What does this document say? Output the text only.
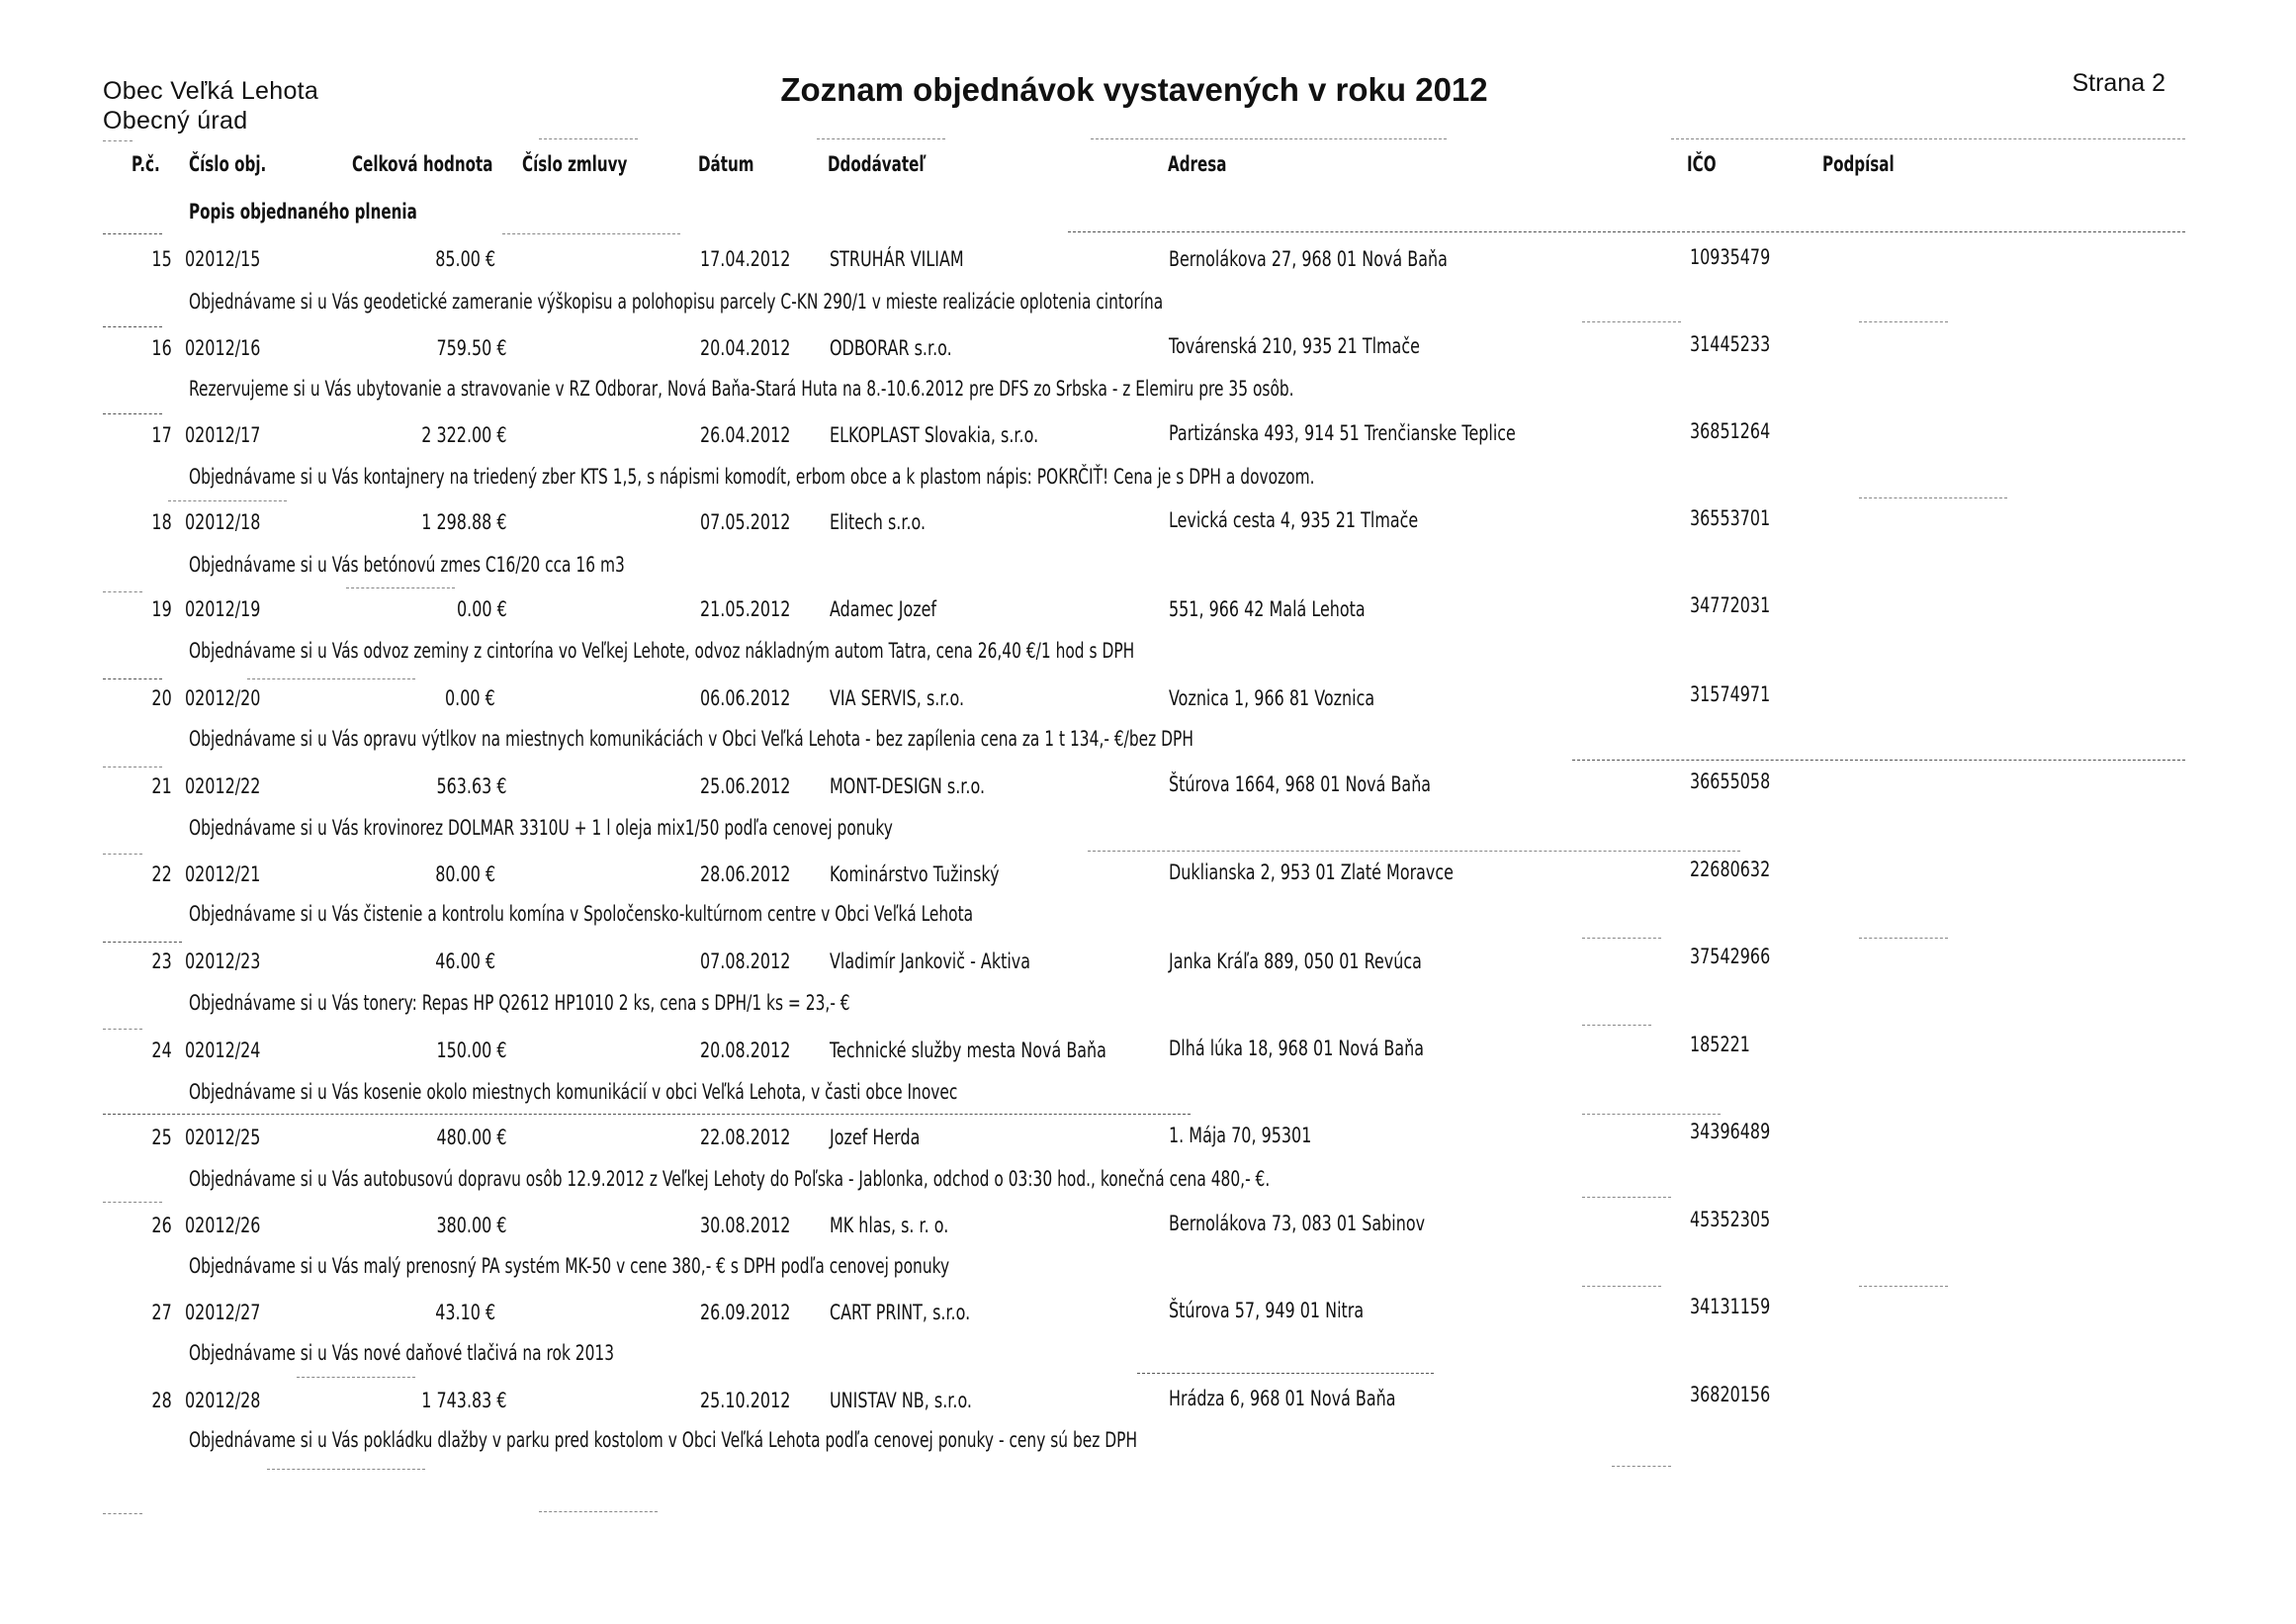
Obec Veľká Lehota
Obecný úrad
Zoznam objednávok vystavených v roku 2012	Strana 2
P.č. Číslo obj.	Celková hodnota Číslo zmluvy	Dátum	Ddodávateľ	Adresa	IČO	Podpísal
Popis objednaného plnenia
15 02012/15	85.00 €	17.04.2012 STRUHÁR VILIAM	Bernolákova 27, 968 01 Nová Baňa	10935479
Objednávame si u Vás geodetické zameranie výškopisu a polohopisu parcely C-KN 290/1 v mieste realizácie oplotenia cintorína
16 02012/16	759.50 €	20.04.2012 ODBORAR s.r.o.	Továrenská 210, 935 21 Tlmače	31445233
Rezervujeme si u Vás ubytovanie a stravovanie v RZ Odborar, Nová Baňa-Stará Huta na 8.-10.6.2012 pre DFS zo Srbska - z Elemiru pre 35 osôb.
17 02012/17	2 322.00 €	26.04.2012 ELKOPLAST Slovakia, s.r.o.	Partizánska 493, 914 51 Trenčianske Teplice	36851264
Objednávame si u Vás kontajnery na triedený zber KTS 1,5, s nápismi komodít, erbom obce a k plastom nápis: POKRČIŤ! Cena je s DPH a dovozom.
18 02012/18	1 298.88 €	07.05.2012 Elitech s.r.o.	Levická cesta 4, 935 21 Tlmače	36553701
Objednávame si u Vás betónovú zmes C16/20 cca 16 m3
19 02012/19	0.00 €	21.05.2012 Adamec Jozef	551, 966 42 Malá Lehota	34772031
Objednávame si u Vás odvoz zeminy z cintorína vo Veľkej Lehote, odvoz nákladným autom Tatra, cena 26,40 €/1 hod s DPH
20 02012/20	0.00 €	06.06.2012 VIA SERVIS, s.r.o.	Voznica 1, 966 81 Voznica	31574971
Objednávame si u Vás opravu výtlkov na miestnych komunikáciách v Obci Veľká Lehota - bez zapílenia cena za 1 t 134,- €/bez DPH
21 02012/22	563.63 €	25.06.2012 MONT-DESIGN s.r.o.	Štúrova 1664, 968 01 Nová Baňa	36655058
Objednávame si u Vás krovinorez DOLMAR 3310U + 1 l oleja mix1/50 podľa cenovej ponuky
22 02012/21	80.00 €	28.06.2012 Kominárstvo Tužinský	Duklianska 2, 953 01 Zlaté Moravce	22680632
Objednávame si u Vás čistenie a kontrolu komína v Spoločensko-kultúrnom centre v Obci Veľká Lehota
23 02012/23	46.00 €	07.08.2012 Vladimír Jankovič - Aktiva	Janka Kráľa 889, 050 01 Revúca	37542966
Objednávame si u Vás tonery: Repas HP Q2612 HP1010 2 ks, cena s DPH/1 ks = 23,- €
24 02012/24	150.00 €	20.08.2012 Technické služby mesta Nová Baňa	Dlhá lúka 18, 968 01 Nová Baňa	185221
Objednávame si u Vás kosenie okolo miestnych komunikácií v obci Veľká Lehota, v časti obce Inovec
25 02012/25	480.00 €	22.08.2012 Jozef Herda	1. Mája 70, 95301	34396489
Objednávame si u Vás autobusovú dopravu osôb 12.9.2012 z Veľkej Lehoty do Poľska - Jablonka, odchod o 03:30 hod., konečná cena 480,- €.
26 02012/26	380.00 €	30.08.2012 MK hlas, s. r. o.	Bernolákova 73, 083 01 Sabinov	45352305
Objednávame si u Vás malý prenosný PA systém MK-50 v cene 380,- € s DPH podľa cenovej ponuky
27 02012/27	43.10 €	26.09.2012 CART PRINT, s.r.o.	Štúrova 57, 949 01 Nitra	34131159
Objednávame si u Vás nové daňové tlačivá na rok 2013
28 02012/28	1 743.83 €	25.10.2012 UNISTAV NB, s.r.o.	Hrádza 6, 968 01 Nová Baňa	36820156
Objednávame si u Vás pokládku dlažby v parku pred kostolom v Obci Veľká Lehota podľa cenovej ponuky - ceny sú bez DPH
